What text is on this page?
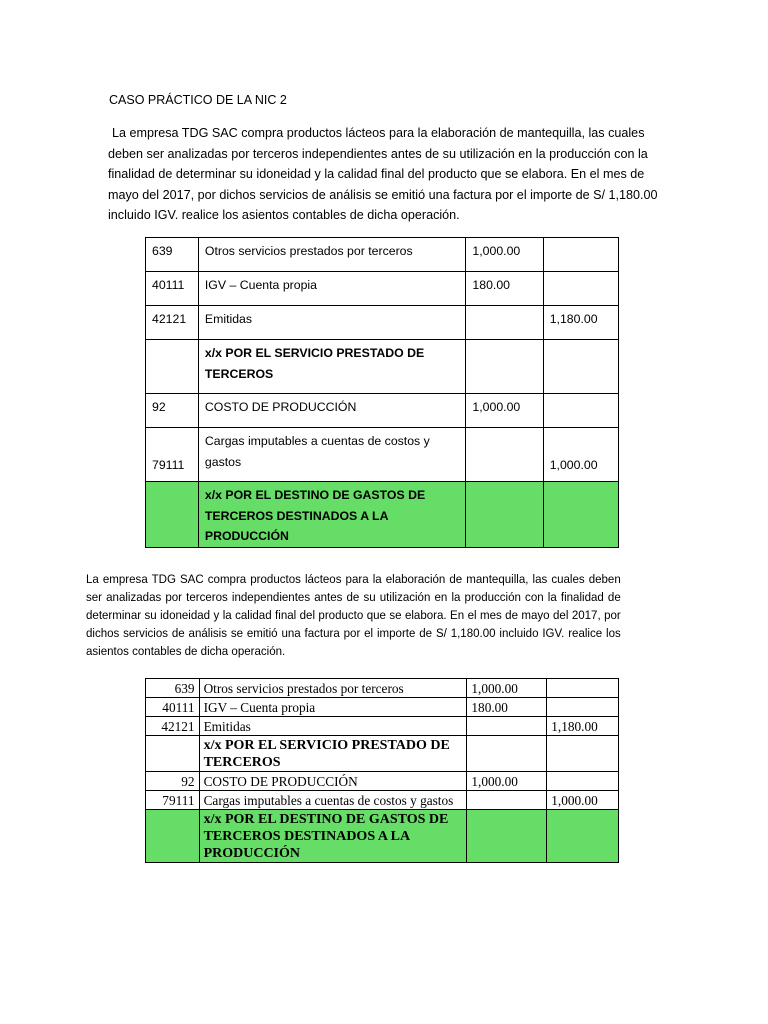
CASO PRÁCTICO DE LA NIC 2
La empresa TDG SAC compra productos lácteos para la elaboración de mantequilla, las cuales deben ser analizadas por terceros independientes antes de su utilización en la producción con la finalidad de determinar su idoneidad y la calidad final del producto que se elabora. En el mes de mayo del 2017, por dichos servicios de análisis se emitió una factura por el importe de S/ 1,180.00 incluido IGV. realice los asientos contables de dicha operación.
639	Otros servicios prestados por terceros	1,000.00	
40111	IGV – Cuenta propia	180.00	
42121	Emitidas		1,180.00
	x/x POR EL SERVICIO PRESTADO DE TERCEROS		
92	COSTO DE PRODUCCIÓN	1,000.00	
79111	Cargas imputables a cuentas de costos y gastos		1,000.00
	x/x POR EL DESTINO DE GASTOS DE TERCEROS DESTINADOS A LA PRODUCCIÓN		
La empresa TDG SAC compra productos lácteos para la elaboración de mantequilla, las cuales deben ser analizadas por terceros independientes antes de su utilización en la producción con la finalidad de determinar su idoneidad y la calidad final del producto que se elabora. En el mes de mayo del 2017, por dichos servicios de análisis se emitió una factura por el importe de S/ 1,180.00 incluido IGV. realice los asientos contables de dicha operación.
639	Otros servicios prestados por terceros	1,000.00	
40111	IGV – Cuenta propia	180.00	
42121	Emitidas		1,180.00
	x/x POR EL SERVICIO PRESTADO DE TERCEROS		
92	COSTO DE PRODUCCIÓN	1,000.00	
79111	Cargas imputables a cuentas de costos y gastos		1,000.00
	x/x POR EL DESTINO DE GASTOS DE TERCEROS DESTINADOS A LA PRODUCCIÓN		
